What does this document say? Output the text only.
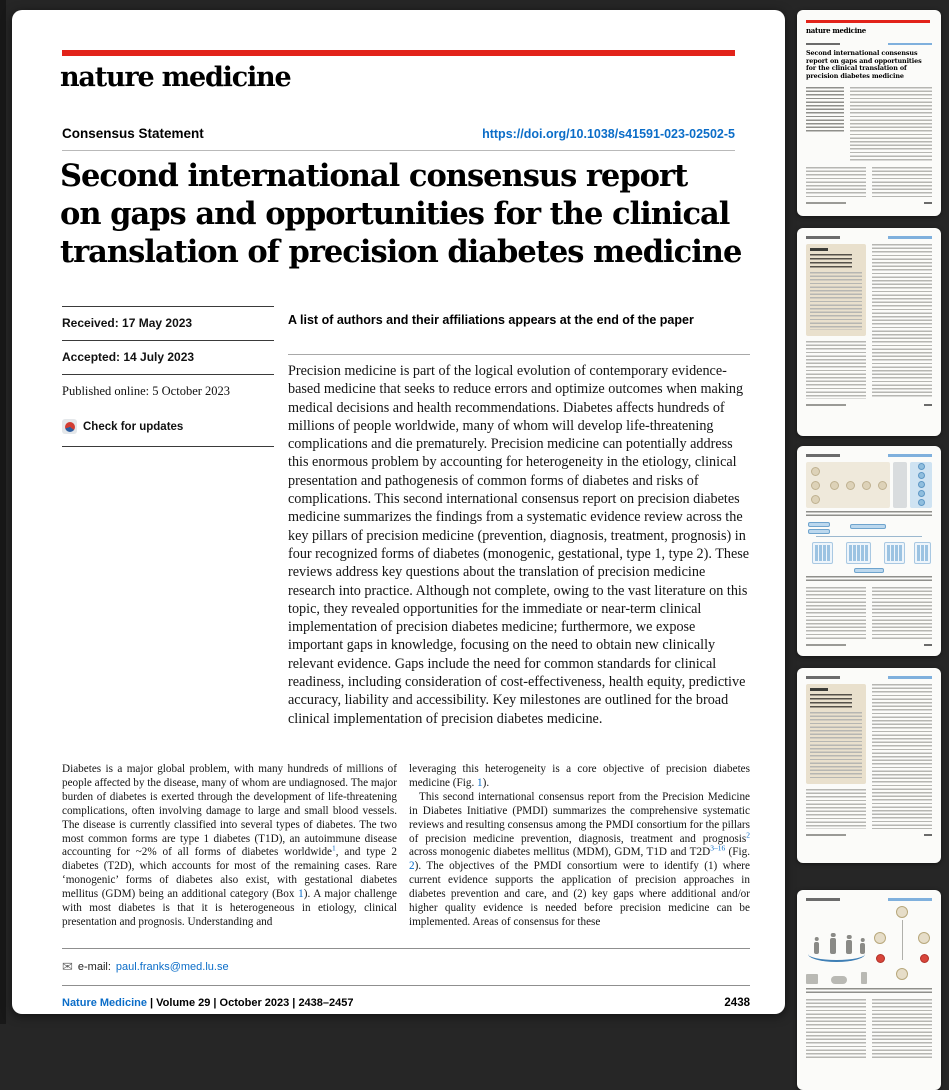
nature medicine
Consensus Statement	https://doi.org/10.1038/s41591-023-02502-5
Second international consensus report
on gaps and opportunities for the clinical
translation of precision diabetes medicine
Received: 17 May 2023
Accepted: 14 July 2023
Published online: 5 October 2023
Check for updates
A list of authors and their affiliations appears at the end of the paper
Precision medicine is part of the logical evolution of contemporary evidence-based medicine that seeks to reduce errors and optimize outcomes when making medical decisions and health recommendations. Diabetes affects hundreds of millions of people worldwide, many of whom will develop life-threatening complications and die prematurely. Precision medicine can potentially address this enormous problem by accounting for heterogeneity in the etiology, clinical presentation and pathogenesis of common forms of diabetes and risks of complications. This second international consensus report on precision diabetes medicine summarizes the findings from a systematic evidence review across the key pillars of precision medicine (prevention, diagnosis, treatment, prognosis) in four recognized forms of diabetes (monogenic, gestational, type 1, type 2). These reviews address key questions about the translation of precision medicine research into practice. Although not complete, owing to the vast literature on this topic, they revealed opportunities for the immediate or near-term clinical implementation of precision diabetes medicine; furthermore, we expose important gaps in knowledge, focusing on the need to obtain new clinically relevant evidence. Gaps include the need for common standards for clinical readiness, including consideration of cost-effectiveness, health equity, predictive accuracy, liability and accessibility. Key milestones are outlined for the broad clinical implementation of precision diabetes medicine.

Diabetes is a major global problem, with many hundreds of millions of people affected by the disease, many of whom are undiagnosed. The major burden of diabetes is exerted through the development of life-threatening complications, often involving damage to large and small blood vessels. The disease is currently classified into several types of diabetes. The two most common forms are type 1 diabetes (T1D), an autoimmune disease accounting for ~2% of all forms of diabetes worldwide$^1$, and type 2 diabetes (T2D), which accounts for most of the remaining cases. Rare ‘monogenic’ forms of diabetes also exist, with gestational diabetes mellitus (GDM) being an additional category (Box 1). A major challenge with most diabetes is that it is heterogeneous in etiology, clinical presentation and prognosis. Understanding and

leveraging this heterogeneity is a core objective of precision diabetes medicine (Fig. 1).

This second international consensus report from the Precision Medicine in Diabetes Initiative (PMDI) summarizes the comprehensive systematic reviews and resulting consensus among the PMDI consortium for the pillars of precision medicine prevention, diagnosis, treatment and prognosis$^2$ across monogenic diabetes mellitus (MDM), GDM, T1D and T2D$^{3-16}$ (Fig. 2). The objectives of the PMDI consortium were to identify (1) where current evidence supports the application of precision approaches in diabetes prevention and care, and (2) key gaps where additional and/or higher quality evidence is needed before precision medicine can be implemented. Areas of consensus for these

✉ e-mail: paul.franks@med.lu.se
Nature Medicine | Volume 29 | October 2023 | 2438–2457	2438
nature medicine
Second international consensus report on gaps and opportunities for the clinical translation of precision diabetes medicine
